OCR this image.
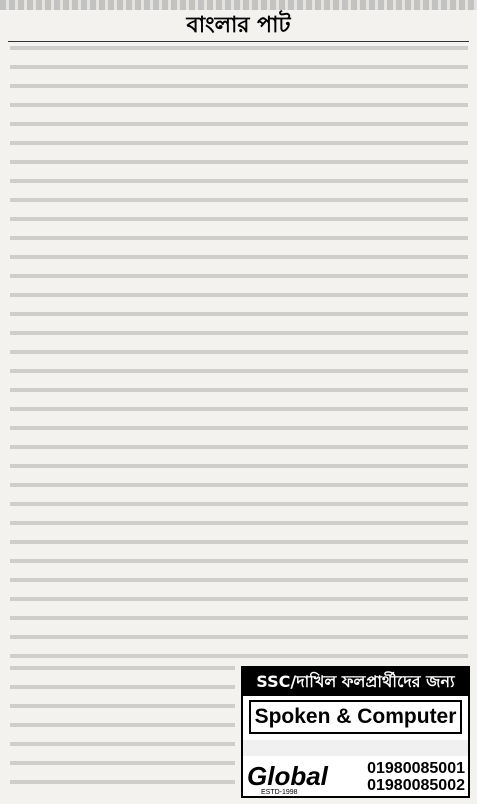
বাংলার পাট
SSC/দাখিল ফলপ্রার্থীদের জন্য
Spoken & Computer
Global
ESTD-1998
01980085001
01980085002
